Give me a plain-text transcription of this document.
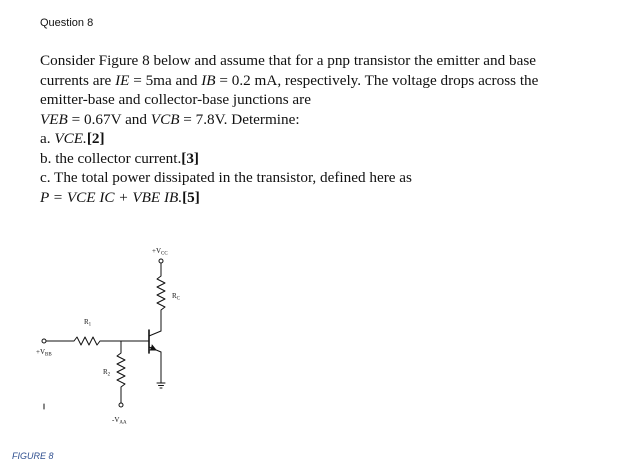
Question 8
Consider Figure 8 below and assume that for a pnp transistor the emitter and base
currents are IE = 5ma and IB = 0.2 mA, respectively. The voltage drops across the
emitter-base and collector-base junctions are
VEB = 0.67V and VCB = 7.8V. Determine:
a. VCE.[2]
b. the collector current.[3]
c. The total power dissipated in the transistor, defined here as
P = VCE IC + VBE IB.[5]
$+V_{CC}$
$R_C$
$R_1$
$+V_{BB}$
$R_2$
$-V_{AA}$
FIGURE 8
